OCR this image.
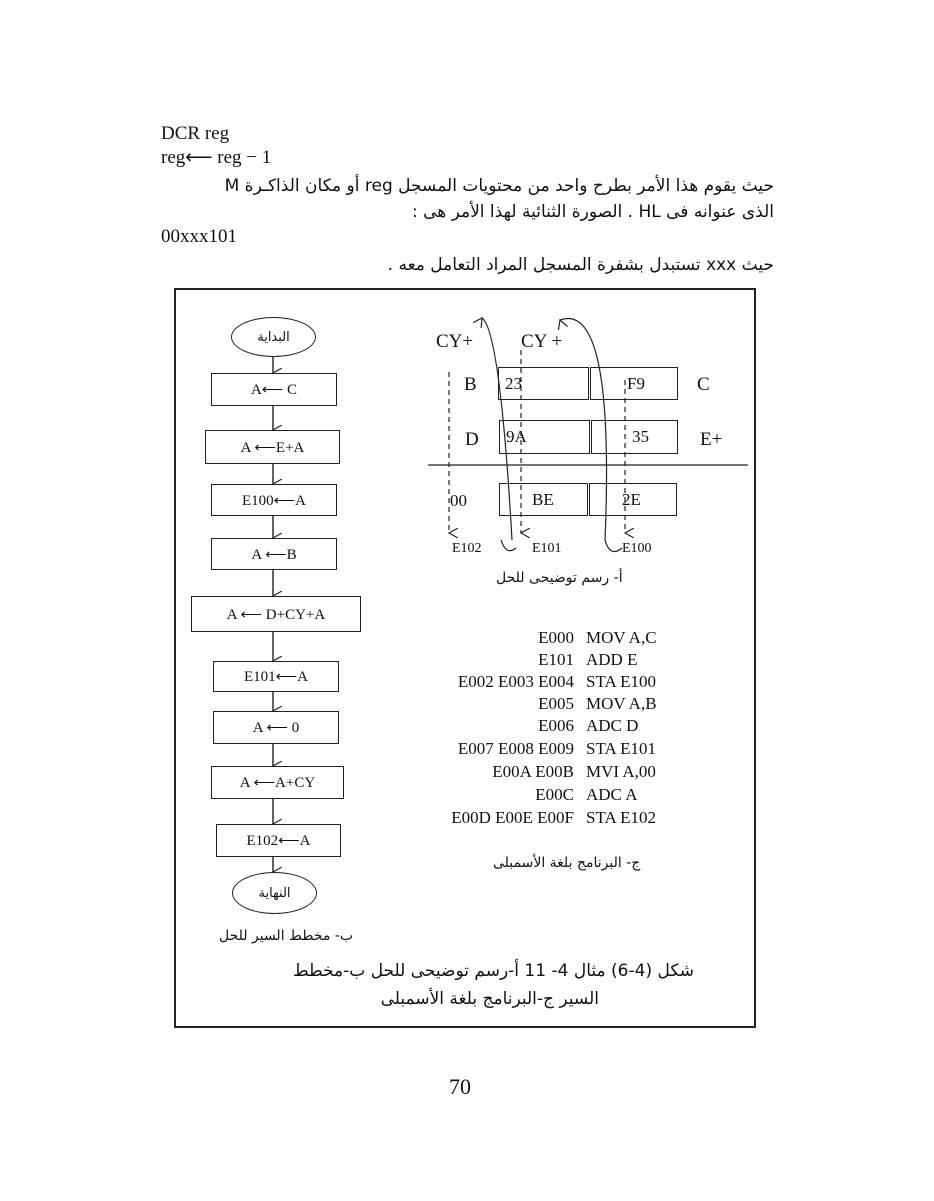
DCR reg
reg⟵ reg − 1
حيث يقوم هذا الأمر بطرح واحد من محتويات المسجل reg أو مكان الذاكـرة M
الذى عنوانه فى HL . الصورة الثنائية لهذا الأمر هى :
00xxx101
حيث xxx تستبدل بشفرة المسجل المراد التعامل معه .
البداية
A⟵ C
A ⟵E+A
E100⟵A
A ⟵B
A ⟵ D+CY+A
E101⟵A
A ⟵ 0
A ⟵A+CY
E102⟵A
النهاية
ب- مخطط السير للحل
CY+	CY +
B	23	F9	C
D	9A	35	E+
00	BE	2E
E102	E101	E100
أ- رسم توضيحى للحل
E000 MOV A,C
E101 ADD E
E002 E003 E004 STA E100
E005 MOV A,B
E006 ADC D
E007 E008 E009 STA E101
E00A E00B MVI A,00
E00C ADC A
E00D E00E E00F STA E102
ج- البرنامج بلغة الأسمبلى
شكل (4-6) مثال 4- 11 أ-رسم توضيحى للحل ب-مخطط
السير ج-البرنامج بلغة الأسمبلى
70
